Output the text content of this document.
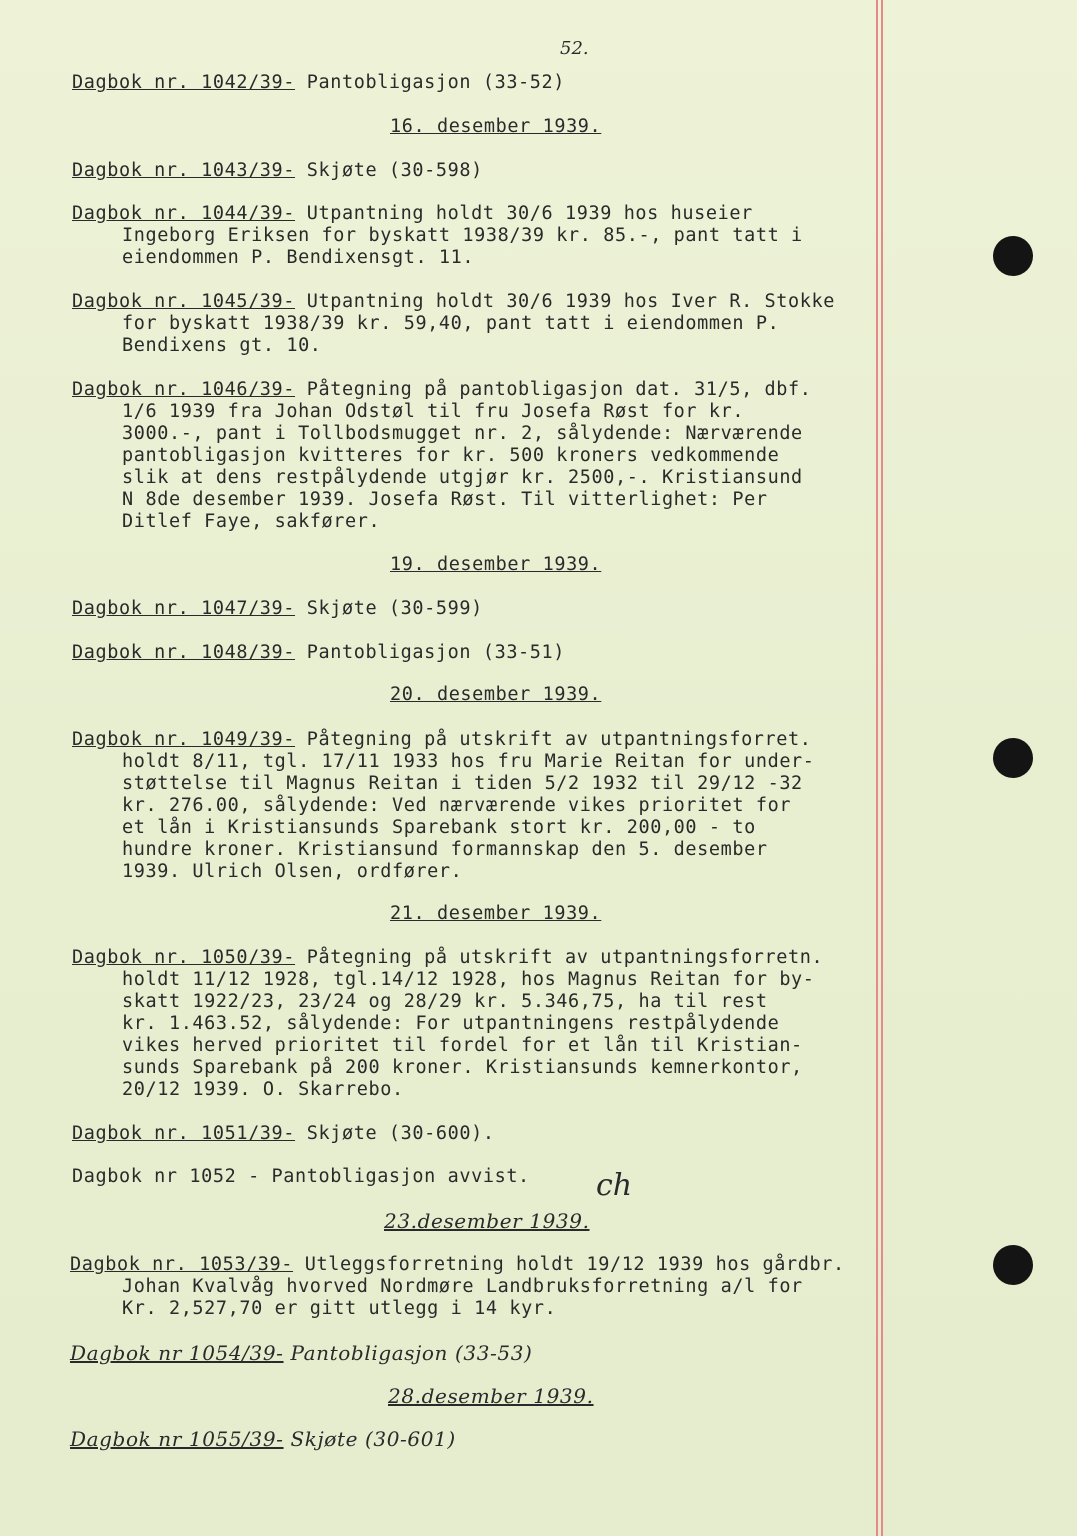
52.
Dagbok nr. 1042/39- Pantobligasjon (33-52)
16. desember 1939.
Dagbok nr. 1043/39- Skjøte (30-598)
Dagbok nr. 1044/39- Utpantning holdt 30/6 1939 hos huseier
Ingeborg Eriksen for byskatt 1938/39 kr. 85.-, pant tatt i
eiendommen P. Bendixensgt. 11.
Dagbok nr. 1045/39- Utpantning holdt 30/6 1939 hos Iver R. Stokke
for byskatt 1938/39 kr. 59,40, pant tatt i eiendommen P.
Bendixens gt. 10.
Dagbok nr. 1046/39- Påtegning på pantobligasjon dat. 31/5, dbf.
1/6 1939 fra Johan Odstøl til fru Josefa Røst for kr.
3000.-, pant i Tollbodsmugget nr. 2, sålydende: Nærværende
pantobligasjon kvitteres for kr. 500 kroners vedkommende
slik at dens restpålydende utgjør kr. 2500,-. Kristiansund
N 8de desember 1939. Josefa Røst. Til vitterlighet: Per
Ditlef Faye, sakfører.
19. desember 1939.
Dagbok nr. 1047/39- Skjøte (30-599)
Dagbok nr. 1048/39- Pantobligasjon (33-51)
20. desember 1939.
Dagbok nr. 1049/39- Påtegning på utskrift av utpantningsforret.
holdt 8/11, tgl. 17/11 1933 hos fru Marie Reitan for under-
støttelse til Magnus Reitan i tiden 5/2 1932 til 29/12 -32
kr. 276.00, sålydende: Ved nærværende vikes prioritet for
et lån i Kristiansunds Sparebank stort kr. 200,00 - to
hundre kroner. Kristiansund formannskap den 5. desember
1939. Ulrich Olsen, ordfører.
21. desember 1939.
Dagbok nr. 1050/39- Påtegning på utskrift av utpantningsforretn.
holdt 11/12 1928, tgl.14/12 1928, hos Magnus Reitan for by-
skatt 1922/23, 23/24 og 28/29 kr. 5.346,75, ha til rest
kr. 1.463.52, sålydende: For utpantningens restpålydende
vikes herved prioritet til fordel for et lån til Kristian-
sunds Sparebank på 200 kroner. Kristiansunds kemnerkontor,
20/12 1939. O. Skarrebo.
Dagbok nr. 1051/39- Skjøte (30-600).
Dagbok nr 1052 - Pantobligasjon avvist. ch
23.desember 1939.
Dagbok nr. 1053/39- Utleggsforretning holdt 19/12 1939 hos gårdbr.
Johan Kvalvåg hvorved Nordmøre Landbruksforretning a/l for
Kr. 2,527,70 er gitt utlegg i 14 kyr.
Dagbok nr 1054/39- Pantobligasjon (33-53)
28.desember 1939.
Dagbok nr 1055/39- Skjøte (30-601)
